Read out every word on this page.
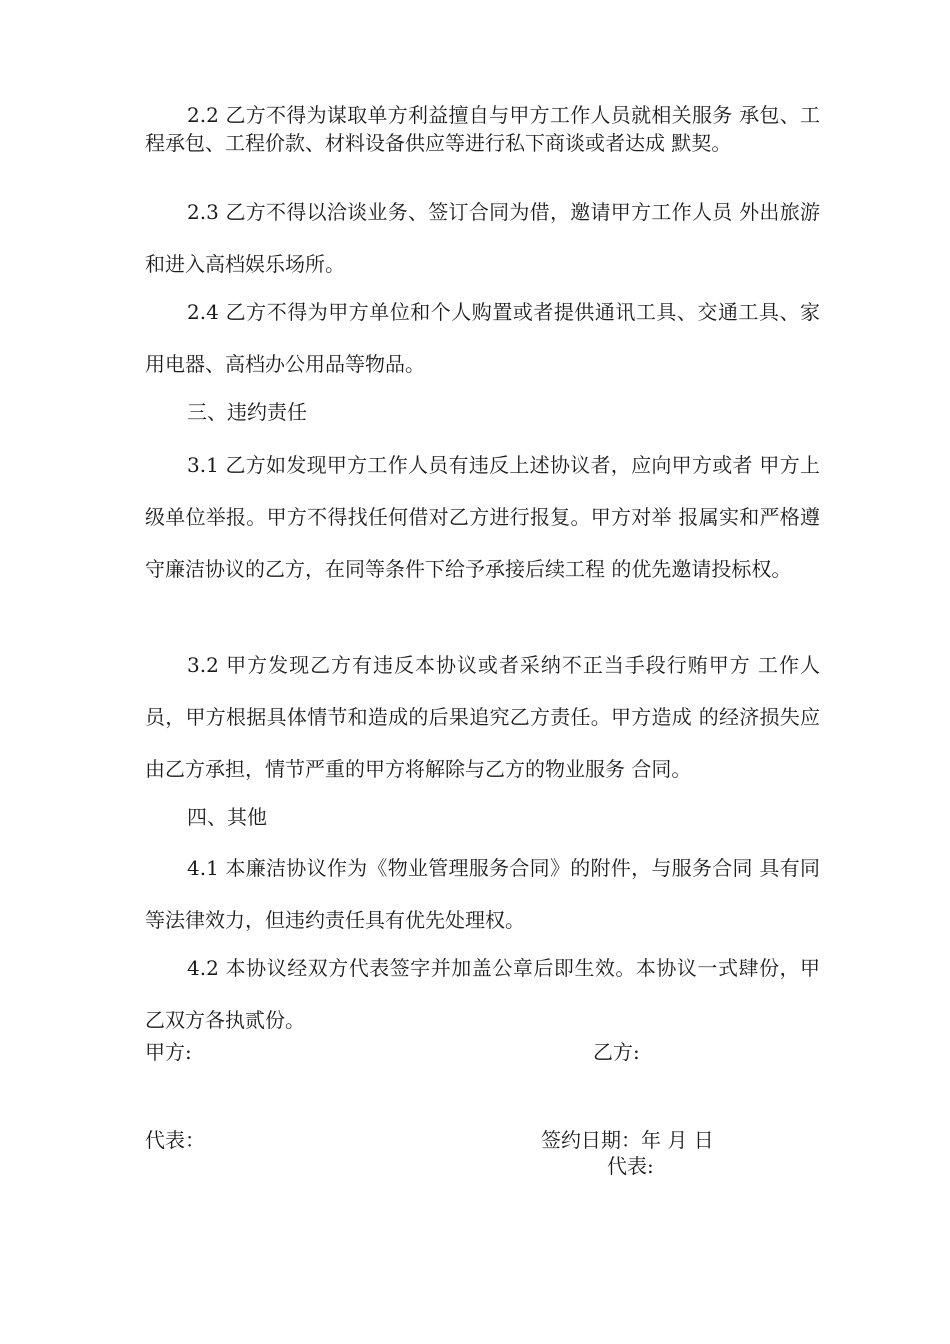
2.2 乙方不得为谋取单方利益擅自与甲方工作人员就相关服务 承包、工程承包、工程价款、材料设备供应等进行私下商谈或者达成 默契。

2.3 乙方不得以洽谈业务、签订合同为借，邀请甲方工作人员 外出旅游和进入高档娱乐场所。

2.4 乙方不得为甲方单位和个人购置或者提供通讯工具、交通工具、家用电器、高档办公用品等物品。

三、违约责任

3.1 乙方如发现甲方工作人员有违反上述协议者，应向甲方或者 甲方上级单位举报。甲方不得找任何借对乙方进行报复。甲方对举 报属实和严格遵守廉洁协议的乙方，在同等条件下给予承接后续工程 的优先邀请投标权。

3.2 甲方发现乙方有违反本协议或者采纳不正当手段行贿甲方 工作人员，甲方根据具体情节和造成的后果追究乙方责任。甲方造成 的经济损失应由乙方承担，情节严重的甲方将解除与乙方的物业服务 合同。

四、其他

4.1 本廉洁协议作为《物业管理服务合同》的附件，与服务合同 具有同等法律效力，但违约责任具有优先处理权。

4.2 本协议经双方代表签字并加盖公章后即生效。本协议一式肆份，甲乙双方各执贰份。

甲方:	乙方:

代表：	签约日期：年 月 日

代表:
